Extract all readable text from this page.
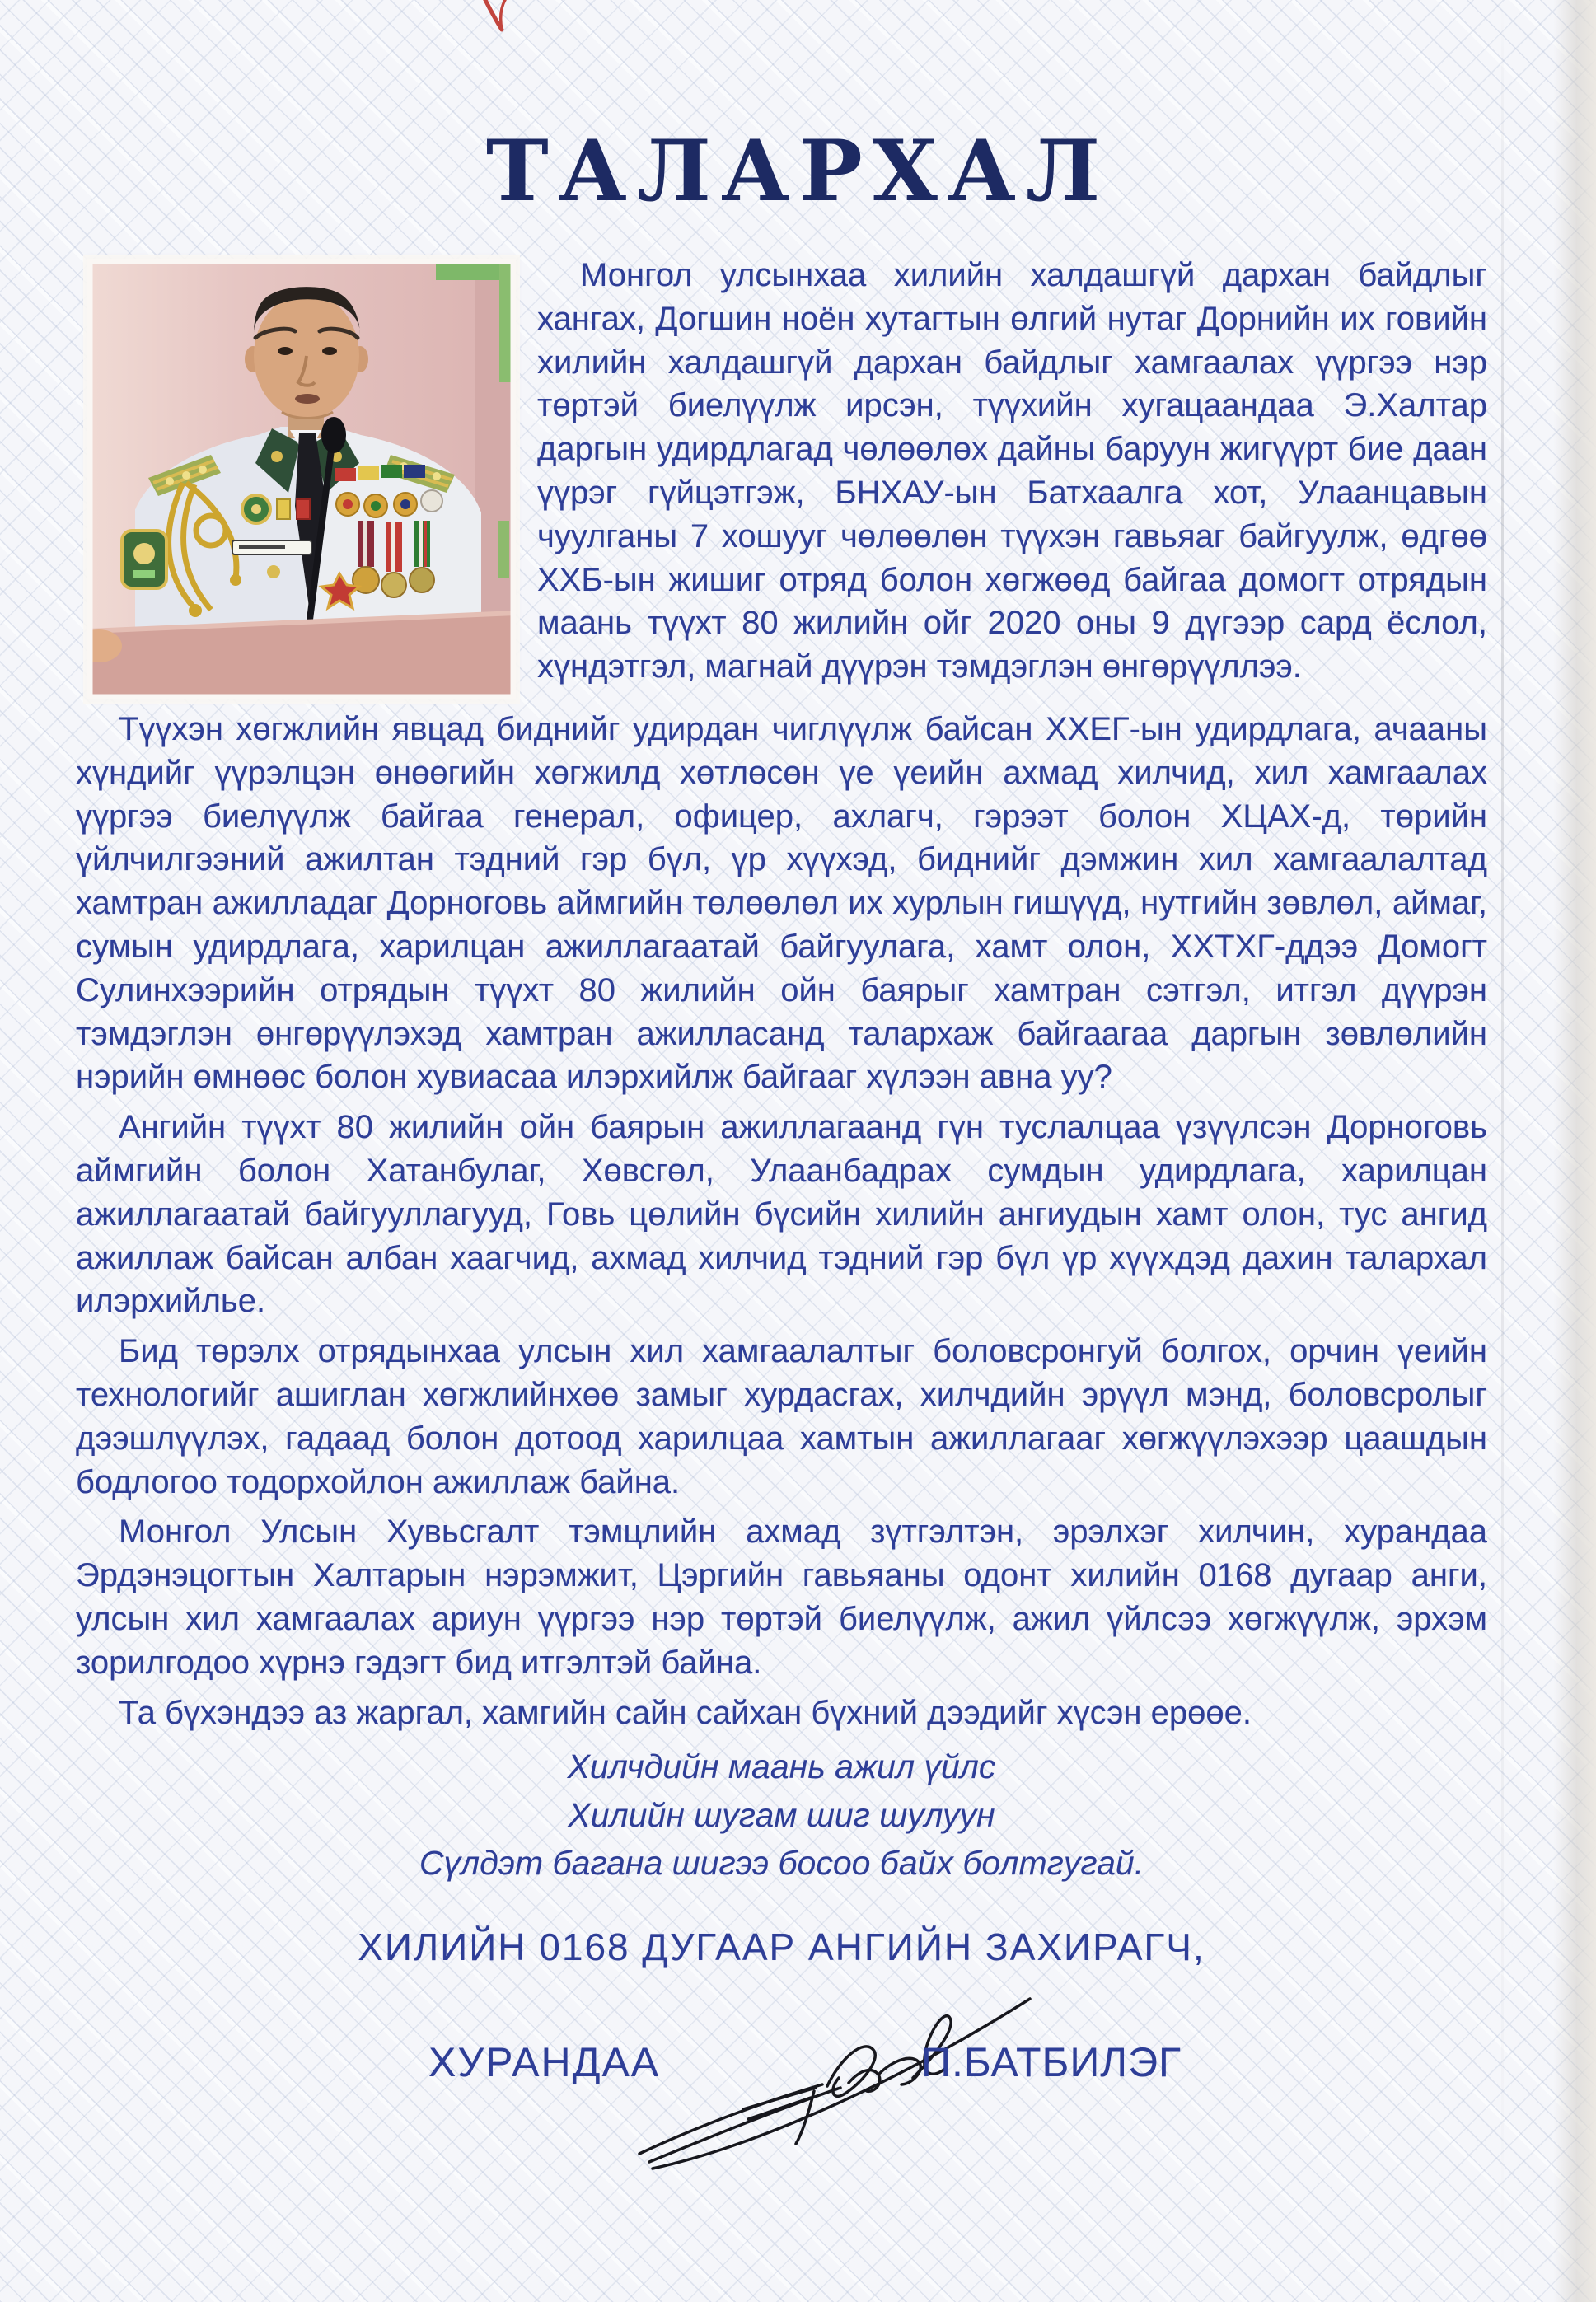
ТАЛАРХАЛ

Монгол улсынхаа хилийн халдашгүй дархан байдлыг хангах, Догшин ноён хутагтын өлгий нутаг Дорнийн их говийн хилийн халдашгүй дархан байдлыг хамгаалах үүргээ нэр төртэй биелүүлж ирсэн, түүхийн хугацаандаа Э.Халтар даргын удирдлагад чөлөөлөх дайны баруун жигүүрт бие даан үүрэг гүйцэтгэж, БНХАУ-ын Батхаалга хот, Улаанцавын чуулганы 7 хошууг чөлөөлөн түүхэн гавьяаг байгуулж, өдгөө ХХБ-ын жишиг отряд болон хөгжөөд байгаа домогт отрядын маань түүхт 80 жилийн ойг 2020 оны 9 дүгээр сард ёслол, хүндэтгэл, магнай дүүрэн тэмдэглэн өнгөрүүллээ.

Түүхэн хөгжлийн явцад биднийг удирдан чиглүүлж байсан ХХЕГ-ын удирдлага, ачааны хүндийг үүрэлцэн өнөөгийн хөгжилд хөтлөсөн үе үеийн ахмад хилчид, хил хамгаалах үүргээ биелүүлж байгаа генерал, офицер, ахлагч, гэрээт болон ХЦАХ-д, төрийн үйлчилгээний ажилтан тэдний гэр бүл, үр хүүхэд, биднийг дэмжин хил хамгаалалтад хамтран ажилладаг Дорноговь аймгийн төлөөлөл их хурлын гишүүд, нутгийн зөвлөл, аймаг, сумын удирдлага, харилцан ажиллагаатай байгуулага, хамт олон, ХХТХГ-ддээ Домогт Сулинхээрийн отрядын түүхт 80 жилийн ойн баярыг хамтран сэтгэл, итгэл дүүрэн тэмдэглэн өнгөрүүлэхэд хамтран ажилласанд талархаж байгаагаа даргын зөвлөлийн нэрийн өмнөөс болон хувиасаа илэрхийлж байгааг хүлээн авна уу?

Ангийн түүхт 80 жилийн ойн баярын ажиллагаанд гүн туслалцаа үзүүлсэн Дорноговь аймгийн болон Хатанбулаг, Хөвсгөл, Улаанбадрах сумдын удирдлага, харилцан ажиллагаатай байгууллагууд, Говь цөлийн бүсийн хилийн ангиудын хамт олон, тус ангид ажиллаж байсан албан хаагчид, ахмад хилчид тэдний гэр бүл үр хүүхдэд дахин талархал илэрхийлье.

Бид төрэлх отрядынхаа улсын хил хамгаалалтыг боловсронгуй болгох, орчин үеийн технологийг ашиглан хөгжлийнхөө замыг хурдасгах, хилчдийн эрүүл мэнд, боловсролыг дээшлүүлэх, гадаад болон дотоод харилцаа хамтын ажиллагааг хөгжүүлэхээр цаашдын бодлогоо тодорхойлон ажиллаж байна.

Монгол Улсын Хувьсгалт тэмцлийн ахмад зүтгэлтэн, эрэлхэг хилчин, хурандаа Эрдэнэцогтын Халтарын нэрэмжит, Цэргийн гавьяаны одонт хилийн 0168 дугаар анги, улсын хил хамгаалах ариун үүргээ нэр төртэй биелүүлж, ажил үйлсээ хөгжүүлж, эрхэм зорилгодоо хүрнэ гэдэгт бид итгэлтэй байна.

Та бүхэндээ аз жаргал, хамгийн сайн сайхан бүхний дээдийг хүсэн ерөөе.

Хилчдийн маань ажил үйлс
Хилийн шугам шиг шулуун
Сүлдэт багана шигээ босоо байх болтгугай.
ХИЛИЙН 0168 ДУГААР АНГИЙН ЗАХИРАГЧ,
ХУРАНДАА	П.БАТБИЛЭГ
